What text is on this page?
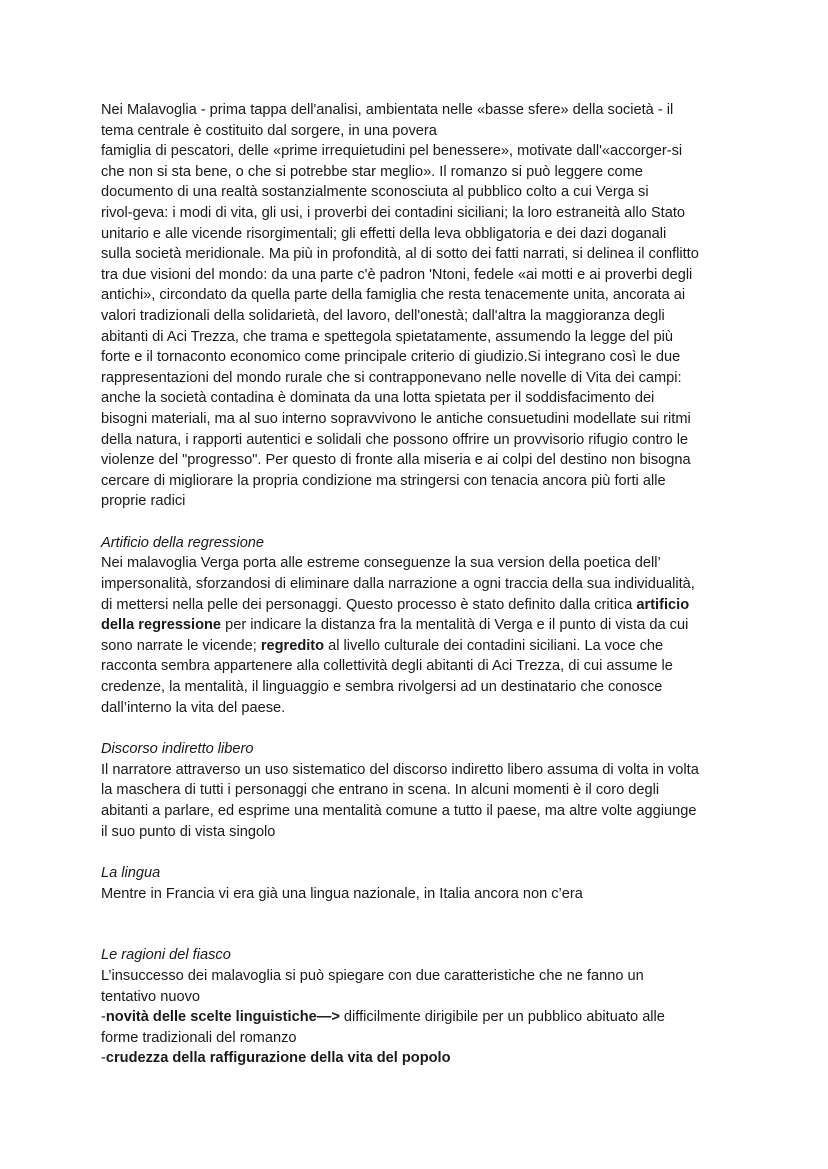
Nei Malavoglia - prima tappa dell'analisi, ambientata nelle «basse sfere» della società - il
tema centrale è costituito dal sorgere, in una povera
famiglia di pescatori, delle «prime irrequietudini pel benessere», motivate dall'«accorger-si
che non si sta bene, o che si potrebbe star meglio». Il romanzo si può leggere come
documento di una realtà sostanzialmente sconosciuta al pubblico colto a cui Verga si
rivol-geva: i modi di vita, gli usi, i proverbi dei contadini siciliani; la loro estraneità allo Stato
unitario e alle vicende risorgimentali; gli effetti della leva obbligatoria e dei dazi doganali
sulla società meridionale. Ma più in profondità, al di sotto dei fatti narrati, si delinea il conflitto
tra due visioni del mondo: da una parte c'è padron 'Ntoni, fedele «ai motti e ai proverbi degli
antichi», circondato da quella parte della famiglia che resta tenacemente unita, ancorata ai
valori tradizionali della solidarietà, del lavoro, dell'onestà; dall'altra la maggioranza degli
abitanti di Aci Trezza, che trama e spettegola spietatamente, assumendo la legge del più
forte e il tornaconto economico come principale criterio di giudizio.Si integrano così le due
rappresentazioni del mondo rurale che si contrapponevano nelle novelle di Vita dei campi:
anche la società contadina è dominata da una lotta spietata per il soddisfacimento dei
bisogni materiali, ma al suo interno sopravvivono le antiche consuetudini modellate sui ritmi
della natura, i rapporti autentici e solidali che possono offrire un provvisorio rifugio contro le
violenze del "progresso". Per questo di fronte alla miseria e ai colpi del destino non bisogna
cercare di migliorare la propria condizione ma stringersi con tenacia ancora più forti alle
proprie radici

Artificio della regressione
Nei malavoglia Verga porta alle estreme conseguenze la sua version della poetica dell’
impersonalità, sforzandosi di eliminare dalla narrazione a ogni traccia della sua individualità,
di mettersi nella pelle dei personaggi. Questo processo è stato definito dalla critica artificio
della regressione per indicare la distanza fra la mentalità di Verga e il punto di vista da cui
sono narrate le vicende; regredito al livello culturale dei contadini siciliani. La voce che
racconta sembra appartenere alla collettività degli abitanti di Aci Trezza, di cui assume le
credenze, la mentalità, il linguaggio e sembra rivolgersi ad un destinatario che conosce
dall’interno la vita del paese.
Discorso indiretto libero
Il narratore attraverso un uso sistematico del discorso indiretto libero assuma di volta in volta
la maschera di tutti i personaggi che entrano in scena. In alcuni momenti è il coro degli
abitanti a parlare, ed esprime una mentalità comune a tutto il paese, ma altre volte aggiunge
il suo punto di vista singolo
La lingua
Mentre in Francia vi era già una lingua nazionale, in Italia ancora non c’era
Le ragioni del fiasco
L’insuccesso dei malavoglia si può spiegare con due caratteristiche che ne fanno un
tentativo nuovo
-novità delle scelte linguistiche—> difficilmente dirigibile per un pubblico abituato alle
forme tradizionali del romanzo
-crudezza della raffigurazione della vita del popolo
